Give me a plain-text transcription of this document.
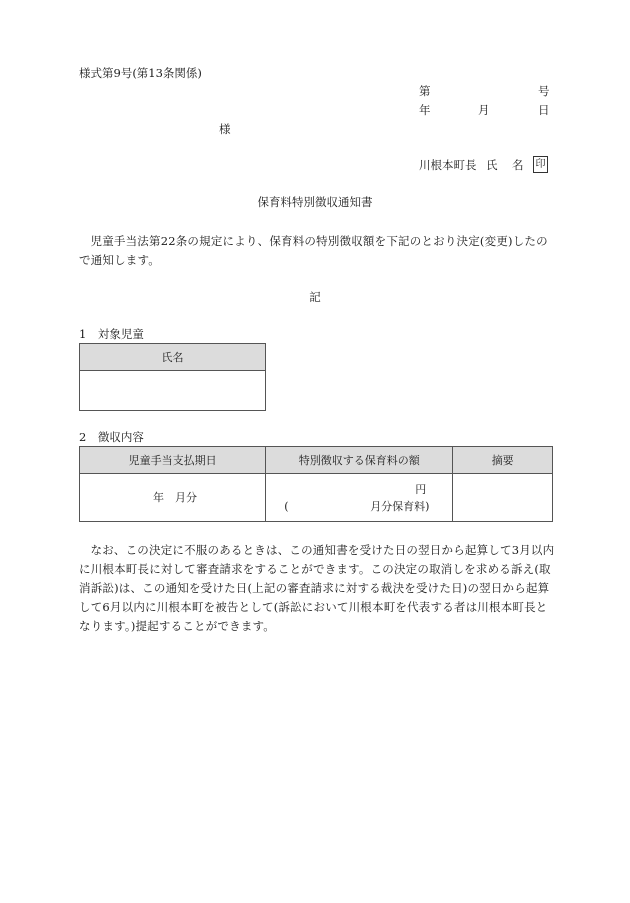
様式第9号(第13条関係)
第	号
年	月	日
様
川根本町長 氏 名 印
保育料特別徴収通知書
児童手当法第22条の規定により、保育料の特別徴収額を下記のとおり決定(変更)したので通知します。
記
1　対象児童
氏名

2　徴収内容
児童手当支払期日	特別徴収する保育料の額	摘要

年　月分	円
( 月分保育料)	

なお、この決定に不服のあるときは、この通知書を受けた日の翌日から起算して3月以内に川根本町長に対して審査請求をすることができます。この決定の取消しを求める訴え(取消訴訟)は、この通知を受けた日(上記の審査請求に対する裁決を受けた日)の翌日から起算して6月以内に川根本町を被告として(訴訟において川根本町を代表する者は川根本町長となります。)提起することができます。
